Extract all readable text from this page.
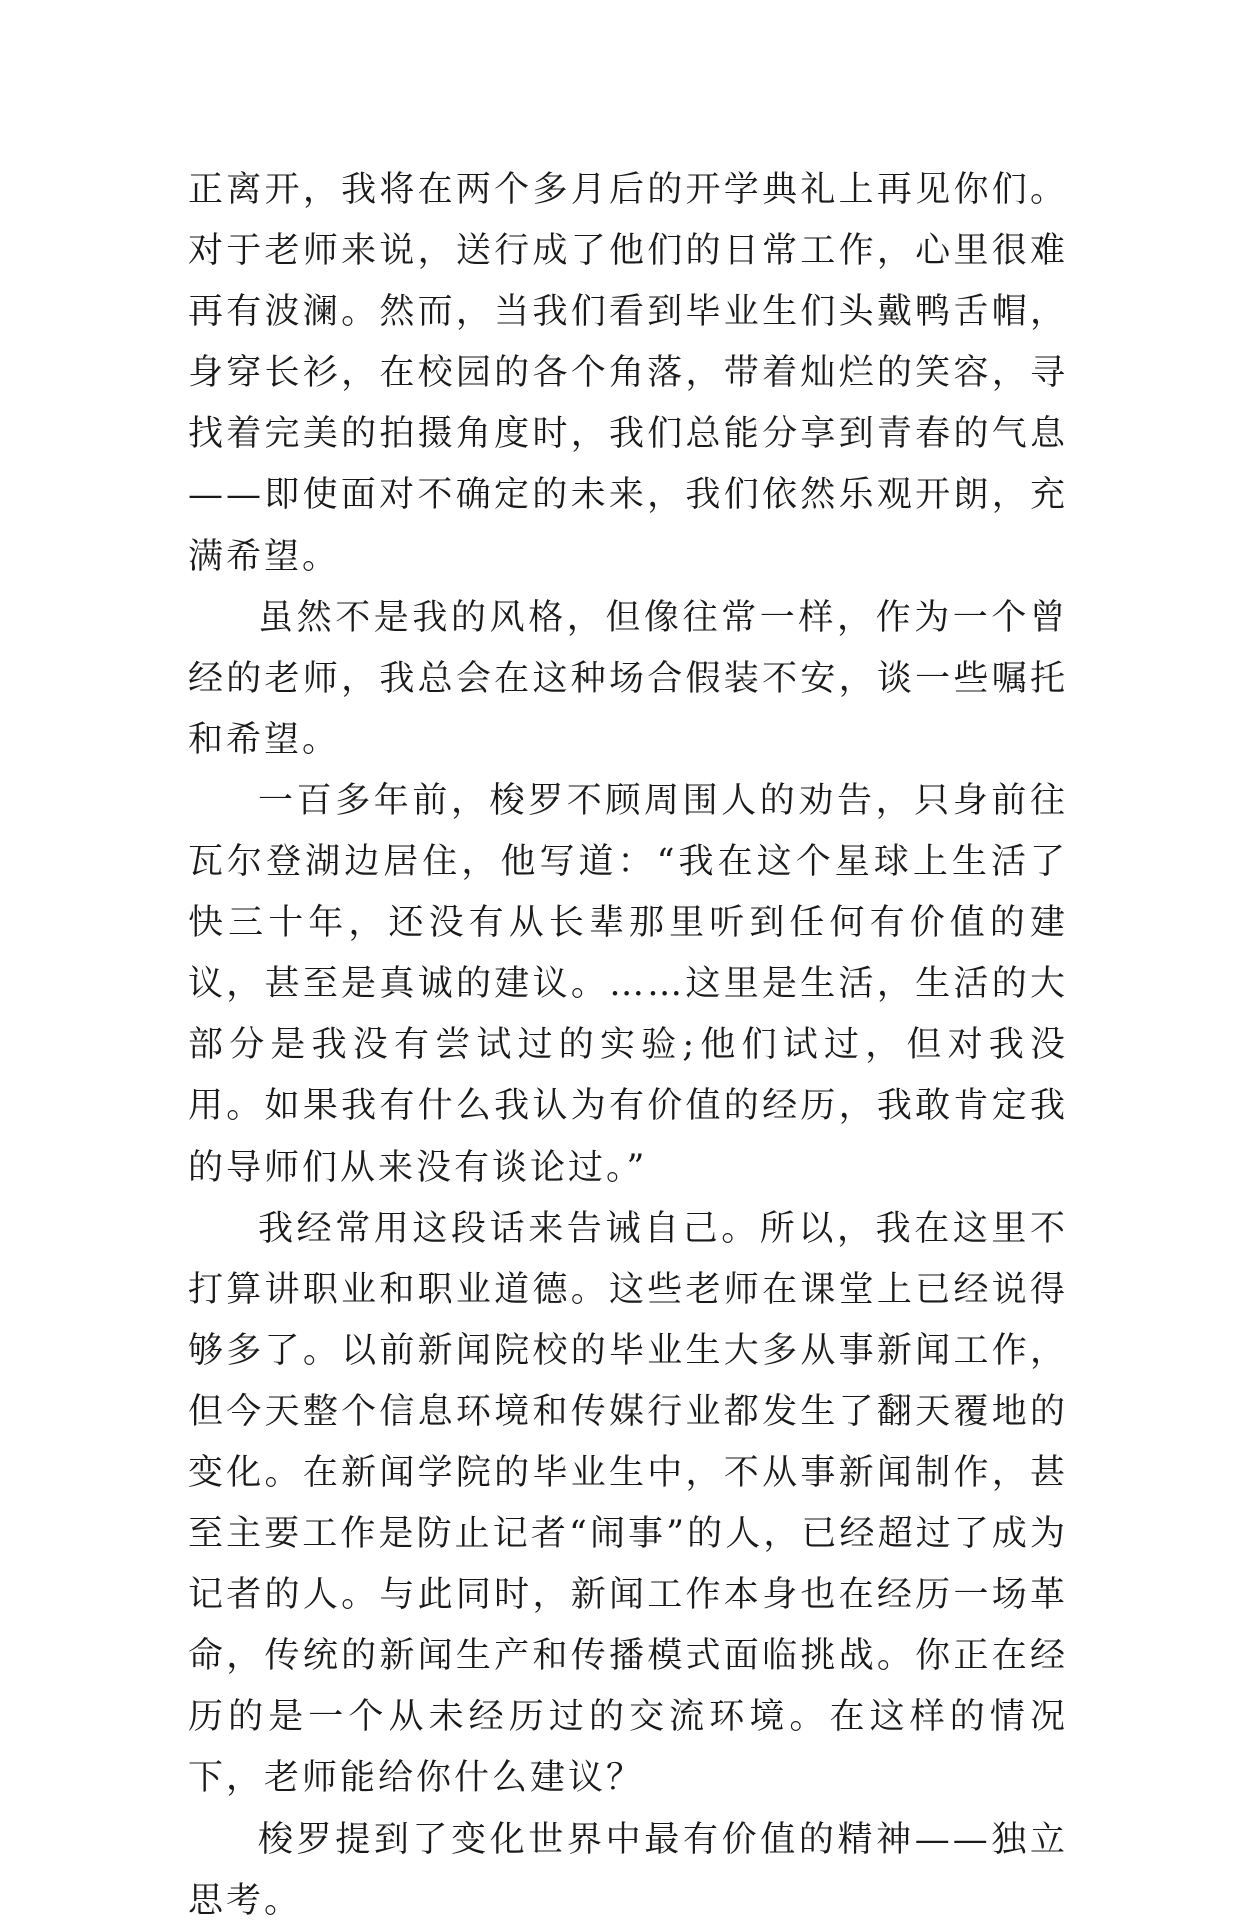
正离开，我将在两个多月后的开学典礼上再见你们。对于老师来说，送行成了他们的日常工作，心里很难再有波澜。然而，当我们看到毕业生们头戴鸭舌帽，身穿长衫，在校园的各个角落，带着灿烂的笑容，寻找着完美的拍摄角度时，我们总能分享到青春的气息——即使面对不确定的未来，我们依然乐观开朗，充满希望。

虽然不是我的风格，但像往常一样，作为一个曾经的老师，我总会在这种场合假装不安，谈一些嘱托和希望。

一百多年前，梭罗不顾周围人的劝告，只身前往瓦尔登湖边居住，他写道：“我在这个星球上生活了快三十年，还没有从长辈那里听到任何有价值的建议，甚至是真诚的建议。……这里是生活，生活的大部分是我没有尝试过的实验;他们试过，但对我没用。如果我有什么我认为有价值的经历，我敢肯定我的导师们从来没有谈论过。”

我经常用这段话来告诫自己。所以，我在这里不打算讲职业和职业道德。这些老师在课堂上已经说得够多了。以前新闻院校的毕业生大多从事新闻工作，但今天整个信息环境和传媒行业都发生了翻天覆地的变化。在新闻学院的毕业生中，不从事新闻制作，甚至主要工作是防止记者“闹事”的人，已经超过了成为记者的人。与此同时，新闻工作本身也在经历一场革命，传统的新闻生产和传播模式面临挑战。你正在经历的是一个从未经历过的交流环境。在这样的情况下，老师能给你什么建议？

梭罗提到了变化世界中最有价值的精神——独立思考。
